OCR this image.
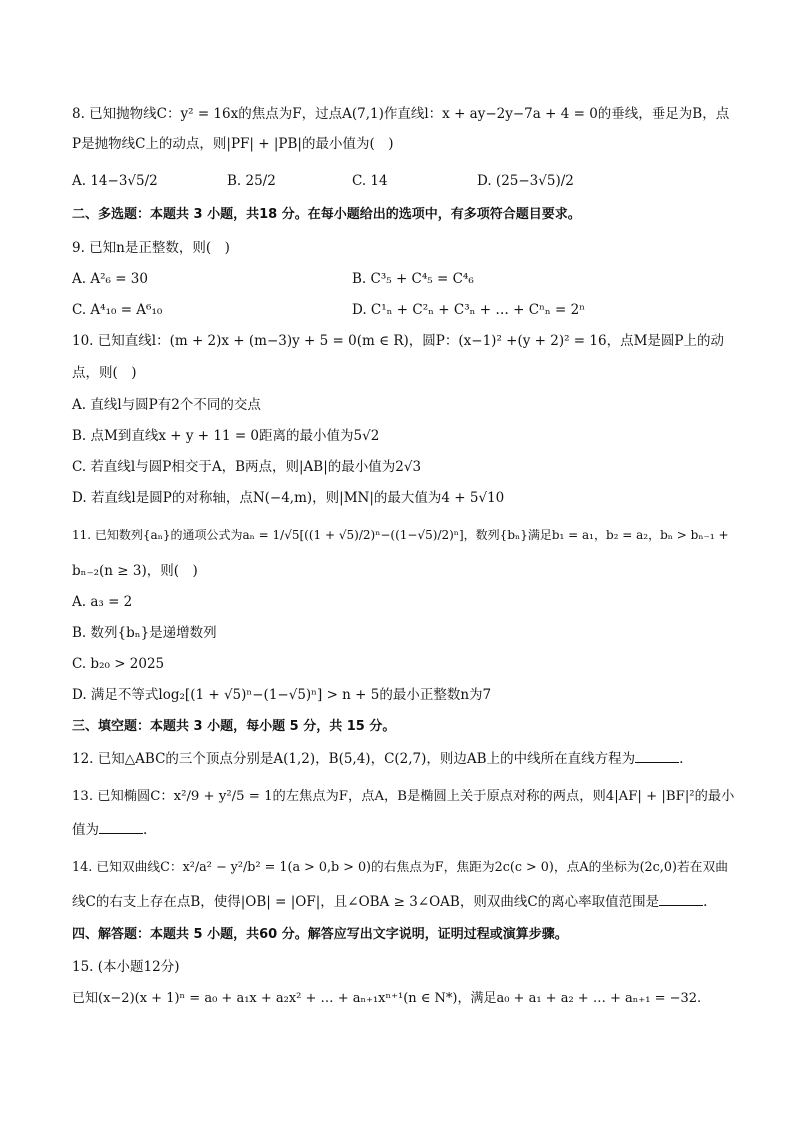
8. 已知抛物线C：y² = 16x的焦点为F，过点A(7,1)作直线l：x + ay−2y−7a + 4 = 0的垂线，垂足为B，点
P是抛物线C上的动点，则|PF| + |PB|的最小值为(　)
A. 14−3√5/2	B. 25/2	C. 14	D. (25−3√5)/2
二、多选题：本题共 3 小题，共18 分。在每小题给出的选项中，有多项符合题目要求。
9. 已知n是正整数，则(　)
A. A²₆ = 30	B. C³₅ + C⁴₅ = C⁴₆
C. A⁴₁₀ = A⁶₁₀	D. C¹ₙ + C²ₙ + C³ₙ + … + Cⁿₙ = 2ⁿ
10. 已知直线l：(m + 2)x + (m−3)y + 5 = 0(m ∈ R)，圆P：(x−1)² +(y + 2)² = 16，点M是圆P上的动
点，则(　)
A. 直线l与圆P有2个不同的交点
B. 点M到直线x + y + 11 = 0距离的最小值为5√2
C. 若直线l与圆P相交于A，B两点，则|AB|的最小值为2√3
D. 若直线l是圆P的对称轴，点N(−4,m)，则|MN|的最大值为4 + 5√10
11. 已知数列{aₙ}的通项公式为aₙ = 1/√5[((1 + √5)/2)ⁿ−((1−√5)/2)ⁿ]，数列{bₙ}满足b₁ = a₁，b₂ = a₂，bₙ > bₙ₋₁ +
bₙ₋₂(n ≥ 3)，则(　)
A. a₃ = 2
B. 数列{bₙ}是递增数列
C. b₂₀ > 2025
D. 满足不等式log₂[(1 + √5)ⁿ−(1−√5)ⁿ] > n + 5的最小正整数n为7
三、填空题：本题共 3 小题，每小题 5 分，共 15 分。
12. 已知△ABC的三个顶点分别是A(1,2)，B(5,4)，C(2,7)，则边AB上的中线所在直线方程为	.
13. 已知椭圆C：x²/9 + y²/5 = 1的左焦点为F，点A，B是椭圆上关于原点对称的两点，则4|AF| + |BF|²的最小
值为	.
14. 已知双曲线C：x²/a² − y²/b² = 1(a > 0,b > 0)的右焦点为F，焦距为2c(c > 0)，点A的坐标为(2c,0)若在双曲
线C的右支上存在点B，使得|OB| = |OF|，且∠OBA ≥ 3∠OAB，则双曲线C的离心率取值范围是	.
四、解答题：本题共 5 小题，共60 分。解答应写出文字说明，证明过程或演算步骤。
15. (本小题12分)
已知(x−2)(x + 1)ⁿ = a₀ + a₁x + a₂x² + … + aₙ₊₁xⁿ⁺¹(n ∈ N*)，满足a₀ + a₁ + a₂ + … + aₙ₊₁ = −32.
